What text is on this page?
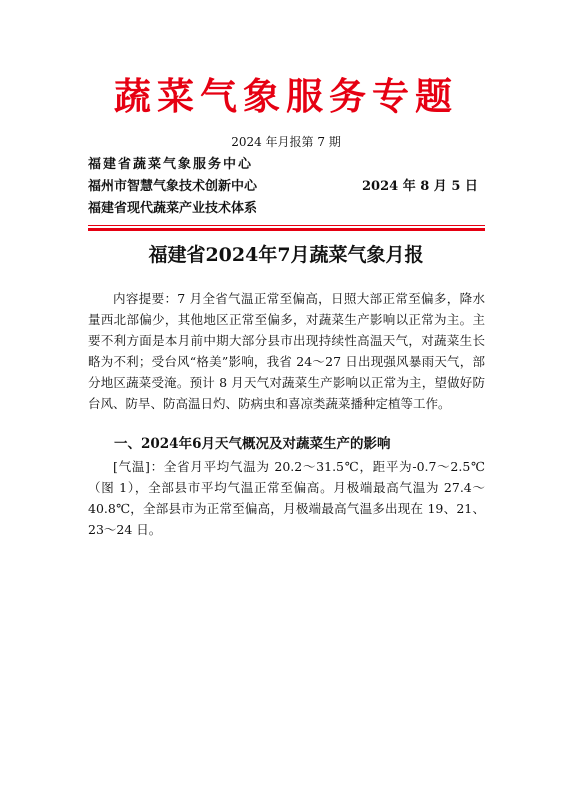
蔬菜气象服务专题
2024 年月报第 7 期
福建省蔬菜气象服务中心
福州市智慧气象技术创新中心
福建省现代蔬菜产业技术体系
2024 年 8 月 5 日
福建省2024年7月蔬菜气象月报
内容提要：7 月全省气温正常至偏高，日照大部正常至偏多，降水量西北部偏少，其他地区正常至偏多，对蔬菜生产影响以正常为主。主要不利方面是本月前中期大部分县市出现持续性高温天气，对蔬菜生长略为不利；受台风“格美”影响，我省 24～27 日出现强风暴雨天气，部分地区蔬菜受淹。预计 8 月天气对蔬菜生产影响以正常为主，望做好防台风、防旱、防高温日灼、防病虫和喜凉类蔬菜播种定植等工作。
一、2024年6月天气概况及对蔬菜生产的影响
[气温]：全省月平均气温为 20.2～31.5℃，距平为-0.7～2.5℃（图 1），全部县市平均气温正常至偏高。月极端最高气温为 27.4～40.8℃，全部县市为正常至偏高，月极端最高气温多出现在 19、21、23～24 日。
